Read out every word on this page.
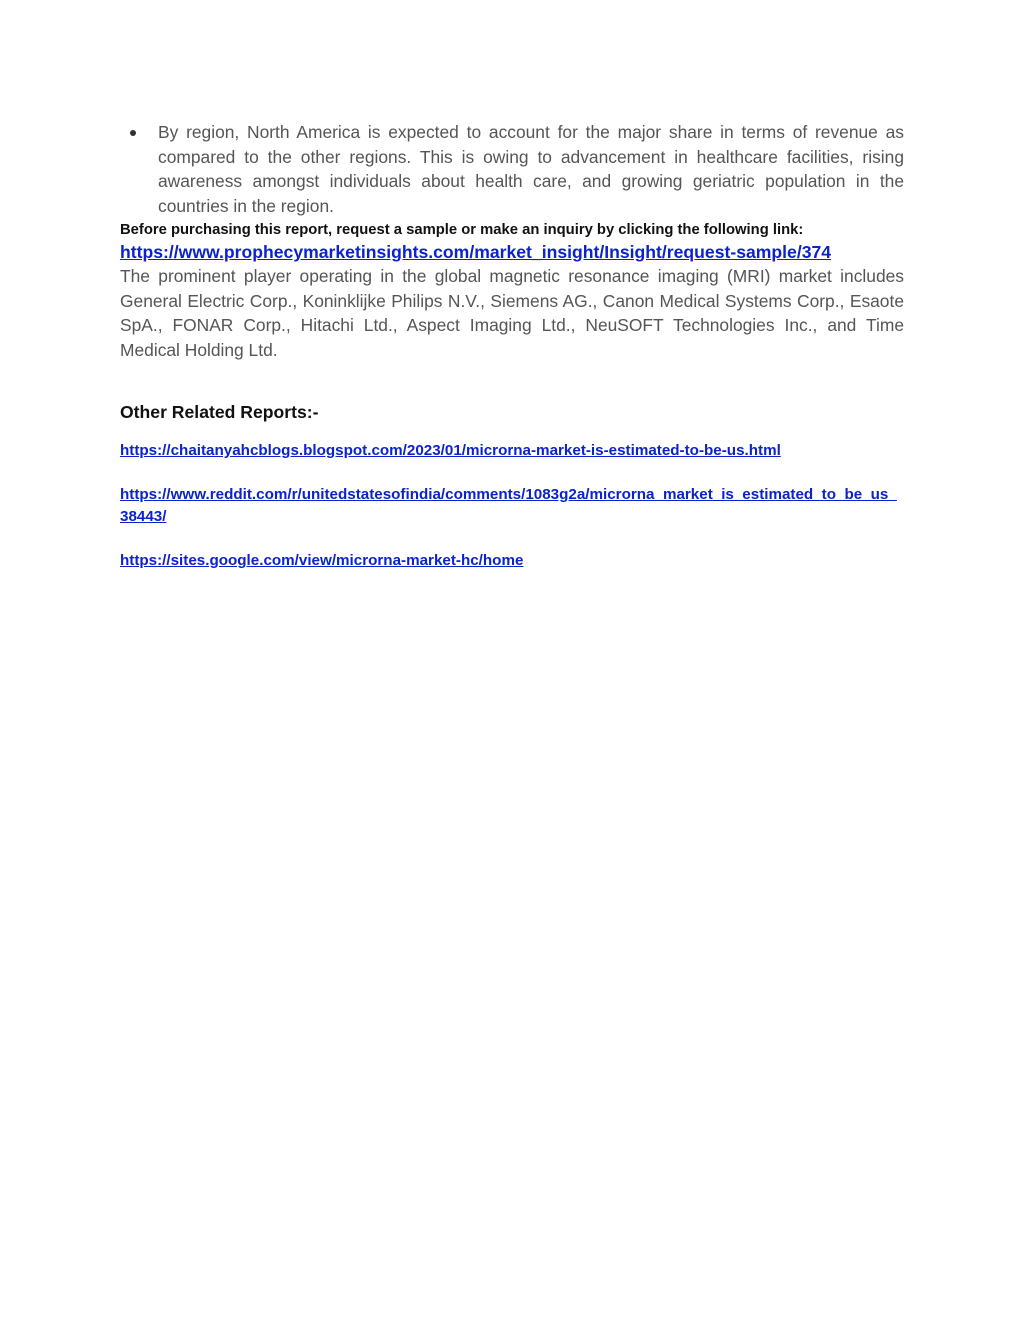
By region, North America is expected to account for the major share in terms of revenue as compared to the other regions. This is owing to advancement in healthcare facilities, rising awareness amongst individuals about health care, and growing geriatric population in the countries in the region.
Before purchasing this report, request a sample or make an inquiry by clicking the following link:
https://www.prophecymarketinsights.com/market_insight/Insight/request-sample/374
The prominent player operating in the global magnetic resonance imaging (MRI) market includes General Electric Corp., Koninklijke Philips N.V., Siemens AG., Canon Medical Systems Corp., Esaote SpA., FONAR Corp., Hitachi Ltd., Aspect Imaging Ltd., NeuSOFT Technologies Inc., and Time Medical Holding Ltd.
Other Related Reports:-
https://chaitanyahcblogs.blogspot.com/2023/01/microrna-market-is-estimated-to-be-us.html
https://www.reddit.com/r/unitedstatesofindia/comments/1083g2a/microrna_market_is_estimated_to_be_us_38443/
https://sites.google.com/view/microrna-market-hc/home
